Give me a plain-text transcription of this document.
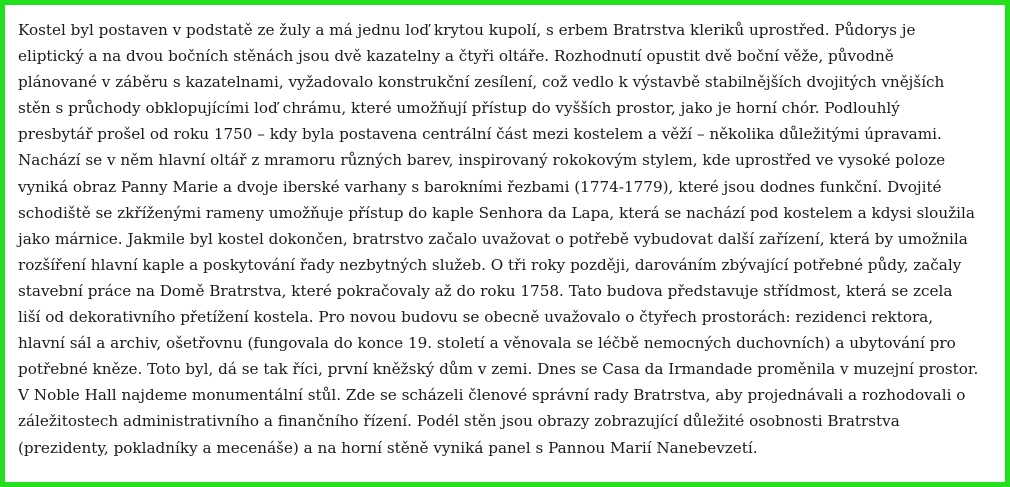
Kostel byl postaven v podstatě ze žuly a má jednu loď krytou kupolí, s erbem Bratrstva kleriků uprostřed. Půdorys je
eliptický a na dvou bočních stěnách jsou dvě kazatelny a čtyři oltáře. Rozhodnutí opustit dvě boční věže, původně
plánované v záběru s kazatelnami, vyžadovalo konstrukční zesílení, což vedlo k výstavbě stabilnějších dvojitých vnějších
stěn s průchody obklopujícími loď chrámu, které umožňují přístup do vyšších prostor, jako je horní chór. Podlouhlý
presbytář prošel od roku 1750 – kdy byla postavena centrální část mezi kostelem a věží – několika důležitými úpravami.
Nachází se v něm hlavní oltář z mramoru různých barev, inspirovaný rokokovým stylem, kde uprostřed ve vysoké poloze
vyniká obraz Panny Marie a dvoje iberské varhany s barokními řezbami (1774-1779), které jsou dodnes funkční. Dvojité
schodiště se zkříženými rameny umožňuje přístup do kaple Senhora da Lapa, která se nachází pod kostelem a kdysi sloužila
jako márnice. Jakmile byl kostel dokončen, bratrstvo začalo uvažovat o potřebě vybudovat další zařízení, která by umožnila
rozšíření hlavní kaple a poskytování řady nezbytných služeb. O tři roky později, darováním zbývající potřebné půdy, začaly
stavební práce na Domě Bratrstva, které pokračovaly až do roku 1758. Tato budova představuje střídmost, která se zcela
liší od dekorativního přetížení kostela. Pro novou budovu se obecně uvažovalo o čtyřech prostorách: rezidenci rektora,
hlavní sál a archiv, ošetřovnu (fungovala do konce 19. století a věnovala se léčbě nemocných duchovních) a ubytování pro
potřebné kněze. Toto byl, dá se tak říci, první kněžský dům v zemi. Dnes se Casa da Irmandade proměnila v muzejní prostor.
V Noble Hall najdeme monumentální stůl. Zde se scházeli členové správní rady Bratrstva, aby projednávali a rozhodovali o
záležitostech administrativního a finančního řízení. Podél stěn jsou obrazy zobrazující důležité osobnosti Bratrstva
(prezidenty, pokladníky a mecenáše) a na horní stěně vyniká panel s Pannou Marií Nanebevzetí.
